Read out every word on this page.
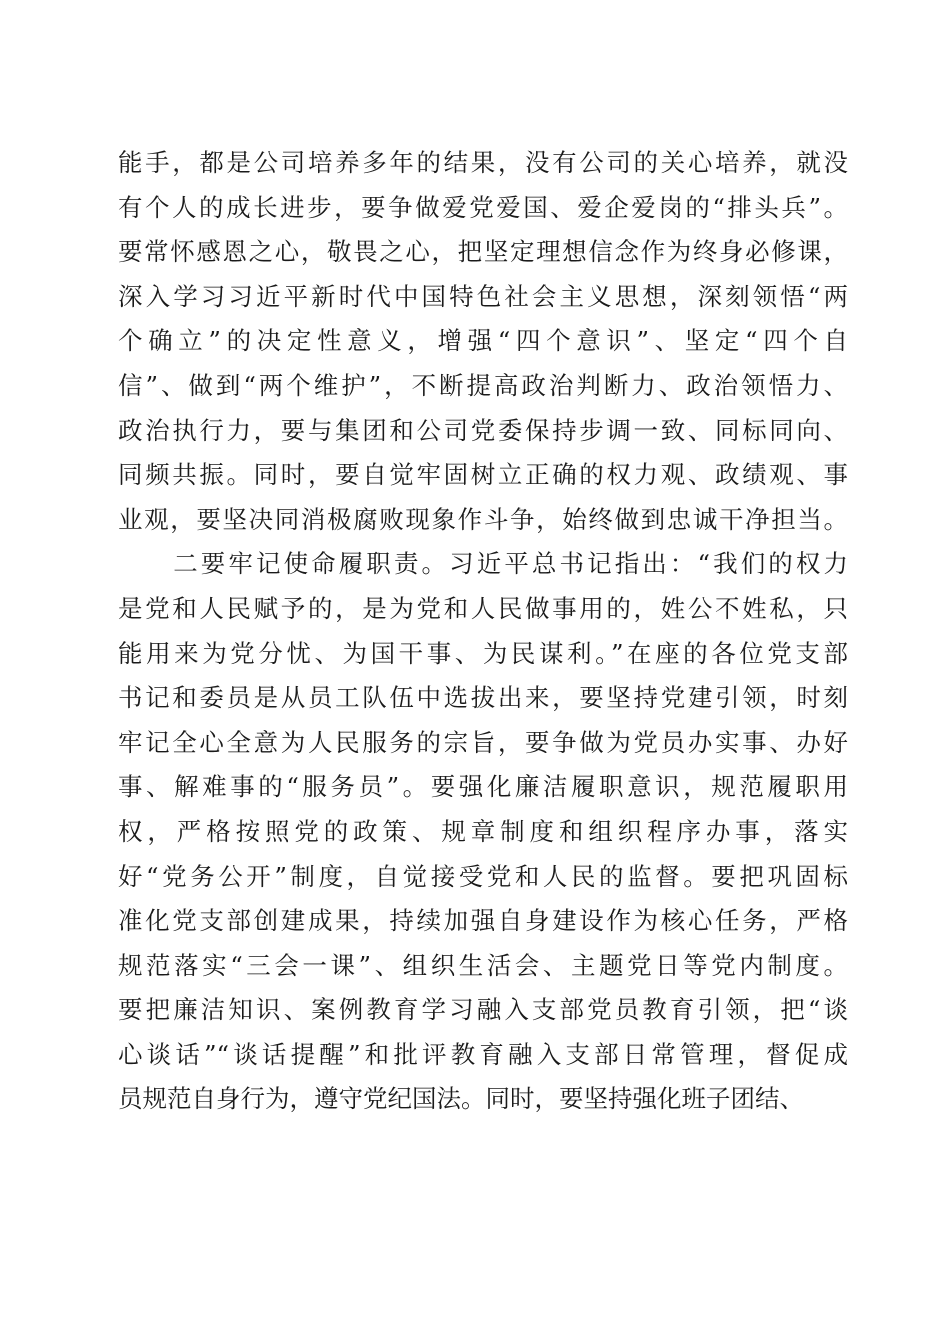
能手，都是公司培养多年的结果，没有公司的关心培养，就没
有个人的成长进步，要争做爱党爱国、爱企爱岗的“排头兵”。
要常怀感恩之心，敬畏之心，把坚定理想信念作为终身必修课，
深入学习习近平新时代中国特色社会主义思想，深刻领悟“两
个确立”的决定性意义，增强“四个意识”、坚定“四个自
信”、做到“两个维护”，不断提高政治判断力、政治领悟力、
政治执行力，要与集团和公司党委保持步调一致、同标同向、
同频共振。同时，要自觉牢固树立正确的权力观、政绩观、事
业观，要坚决同消极腐败现象作斗争，始终做到忠诚干净担当。
　　二要牢记使命履职责。习近平总书记指出：“我们的权力
是党和人民赋予的，是为党和人民做事用的，姓公不姓私，只
能用来为党分忧、为国干事、为民谋利。”在座的各位党支部
书记和委员是从员工队伍中选拔出来，要坚持党建引领，时刻
牢记全心全意为人民服务的宗旨，要争做为党员办实事、办好
事、解难事的“服务员”。要强化廉洁履职意识，规范履职用
权，严格按照党的政策、规章制度和组织程序办事，落实
好“党务公开”制度，自觉接受党和人民的监督。要把巩固标
准化党支部创建成果，持续加强自身建设作为核心任务，严格
规范落实“三会一课”、组织生活会、主题党日等党内制度。
要把廉洁知识、案例教育学习融入支部党员教育引领，把“谈
心谈话”“谈话提醒”和批评教育融入支部日常管理，督促成
员规范自身行为，遵守党纪国法。同时，要坚持强化班子团结、
